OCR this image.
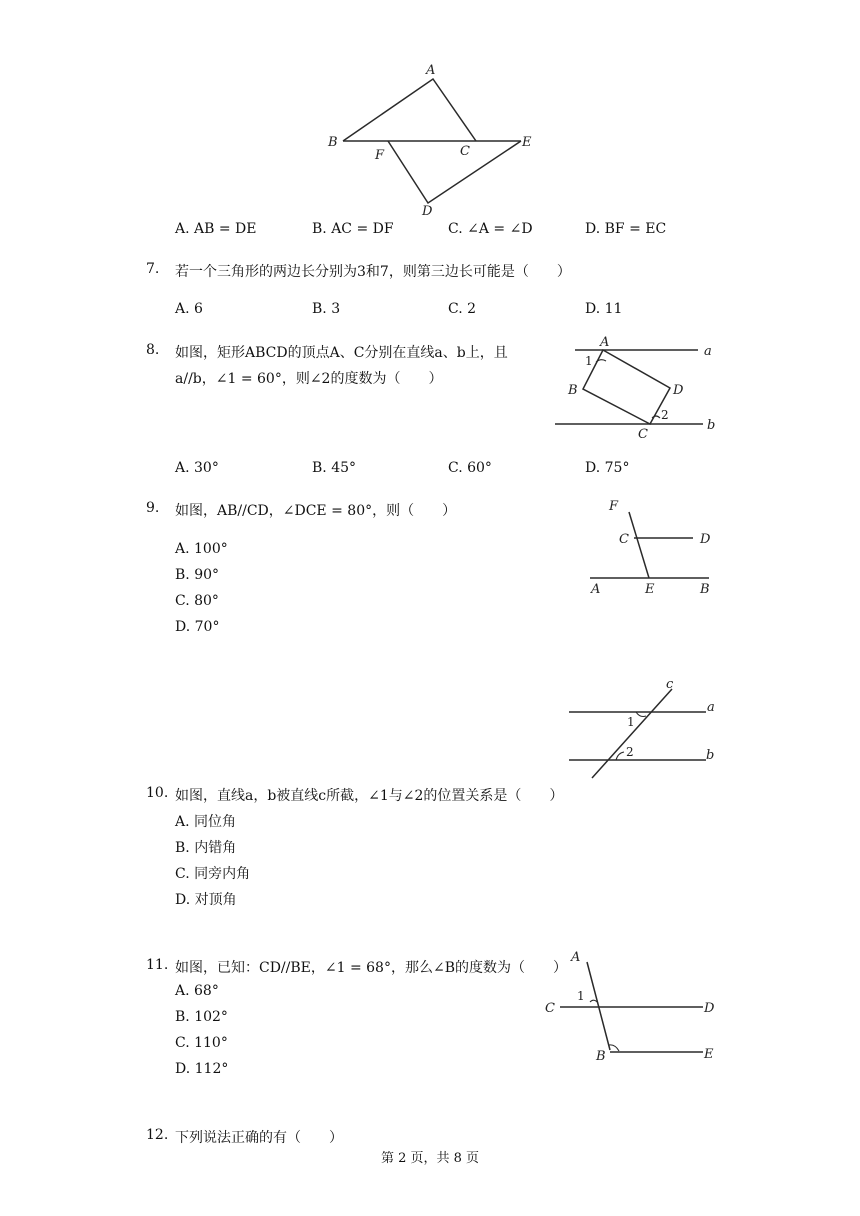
A
B
C
D
E
F
A. AB = DE	B. AC = DF	C. ∠A = ∠D	D. BF = EC
7. 若一个三角形的两边长分别为3和7，则第三边长可能是（　　）
A. 6	B. 3	C. 2	D. 11
8. 如图，矩形ABCD的顶点A、C分别在直线a、b上，且
a//b，∠1 = 60°，则∠2的度数为（　　）
A
B
C
D
a
b
1
2
A. 30°	B. 45°	C. 60°	D. 75°
9. 如图，AB//CD，∠DCE = 80°，则（　　）
A. 100°
B. 90°
C. 80°
D. 70°
F
C	D
A	E	B
c
a
b
1
2
10. 如图，直线a，b被直线c所截，∠1与∠2的位置关系是（　　）
A. 同位角
B. 内错角
C. 同旁内角
D. 对顶角
11. 如图，已知：CD//BE，∠1 = 68°，那么∠B的度数为（　　）
A. 68°
B. 102°
C. 110°
D. 112°
A
C	D
B	E
1
12. 下列说法正确的有（　　）
第 2 页，共 8 页
